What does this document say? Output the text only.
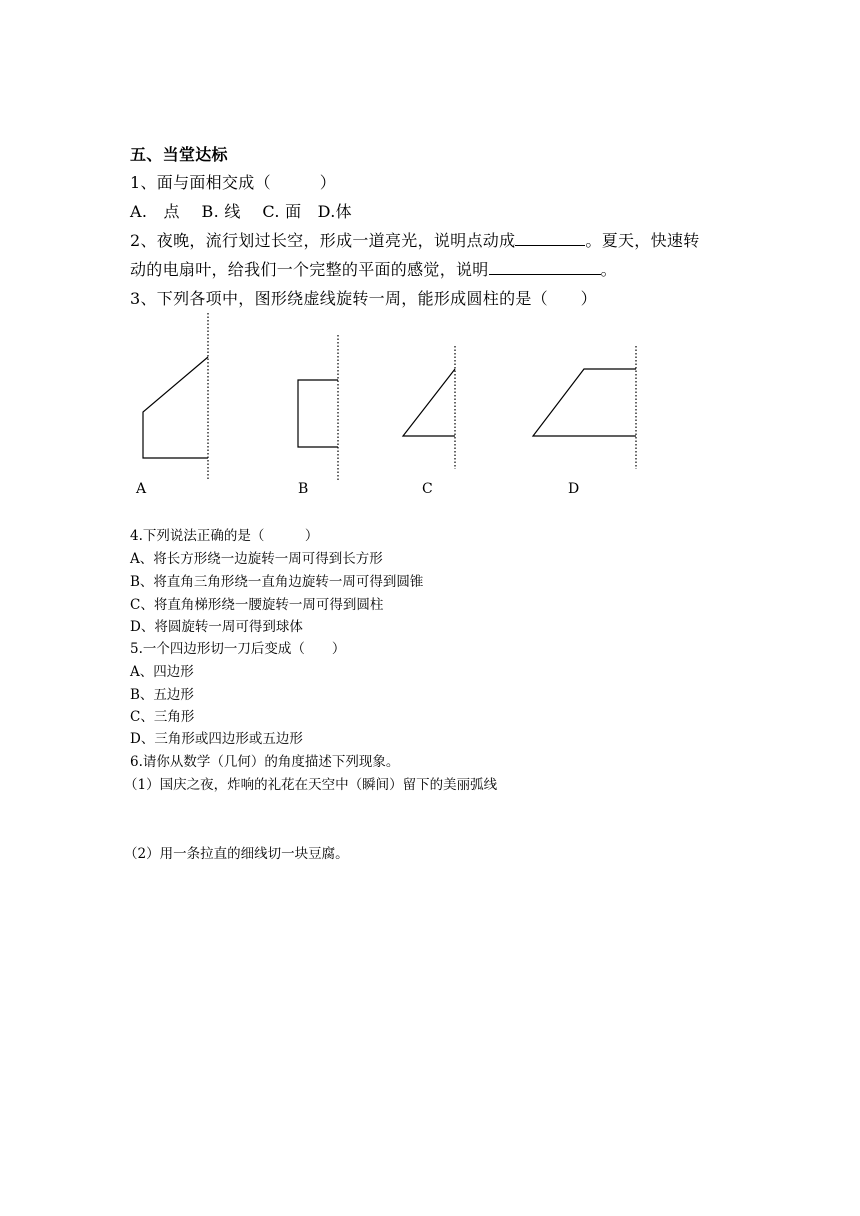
五、当堂达标
1、面与面相交成（　　　）
A.　点　 B. 线　 C. 面　D.体
2、夜晚，流行划过长空，形成一道亮光，说明点动成	。夏天，快速转
动的电扇叶，给我们一个完整的平面的感觉，说明	。
3、下列各项中，图形绕虚线旋转一周，能形成圆柱的是（　　）
A	B	C	D
4.下列说法正确的是（　　　）
A、将长方形绕一边旋转一周可得到长方形
B、将直角三角形绕一直角边旋转一周可得到圆锥
C、将直角梯形绕一腰旋转一周可得到圆柱
D、将圆旋转一周可得到球体
5.一个四边形切一刀后变成（　　）
A、四边形
B、五边形
C、三角形
D、三角形或四边形或五边形
6.请你从数学（几何）的角度描述下列现象。
（1）国庆之夜，炸响的礼花在天空中（瞬间）留下的美丽弧线
（2）用一条拉直的细线切一块豆腐。
